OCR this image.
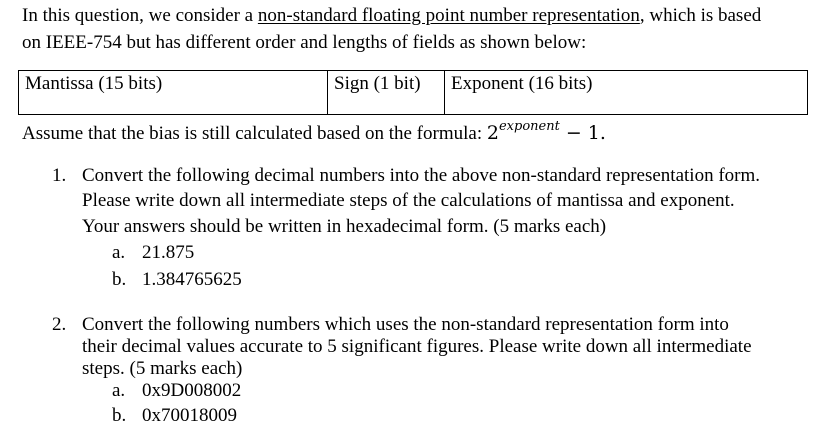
In this question, we consider a non-standard floating point number representation, which is based
on IEEE-754 but has different order and lengths of fields as shown below:
Mantissa (15 bits)	Sign (1 bit)	Exponent (16 bits)
Assume that the bias is still calculated based on the formula: $2^{exponent} - 1$.
1. Convert the following decimal numbers into the above non-standard representation form.
Please write down all intermediate steps of the calculations of mantissa and exponent.
Your answers should be written in hexadecimal form. (5 marks each)
a. 21.875
b. 1.384765625
2. Convert the following numbers which uses the non-standard representation form into
their decimal values accurate to 5 significant figures. Please write down all intermediate
steps. (5 marks each)
a. 0x9D008002
b. 0x70018009
